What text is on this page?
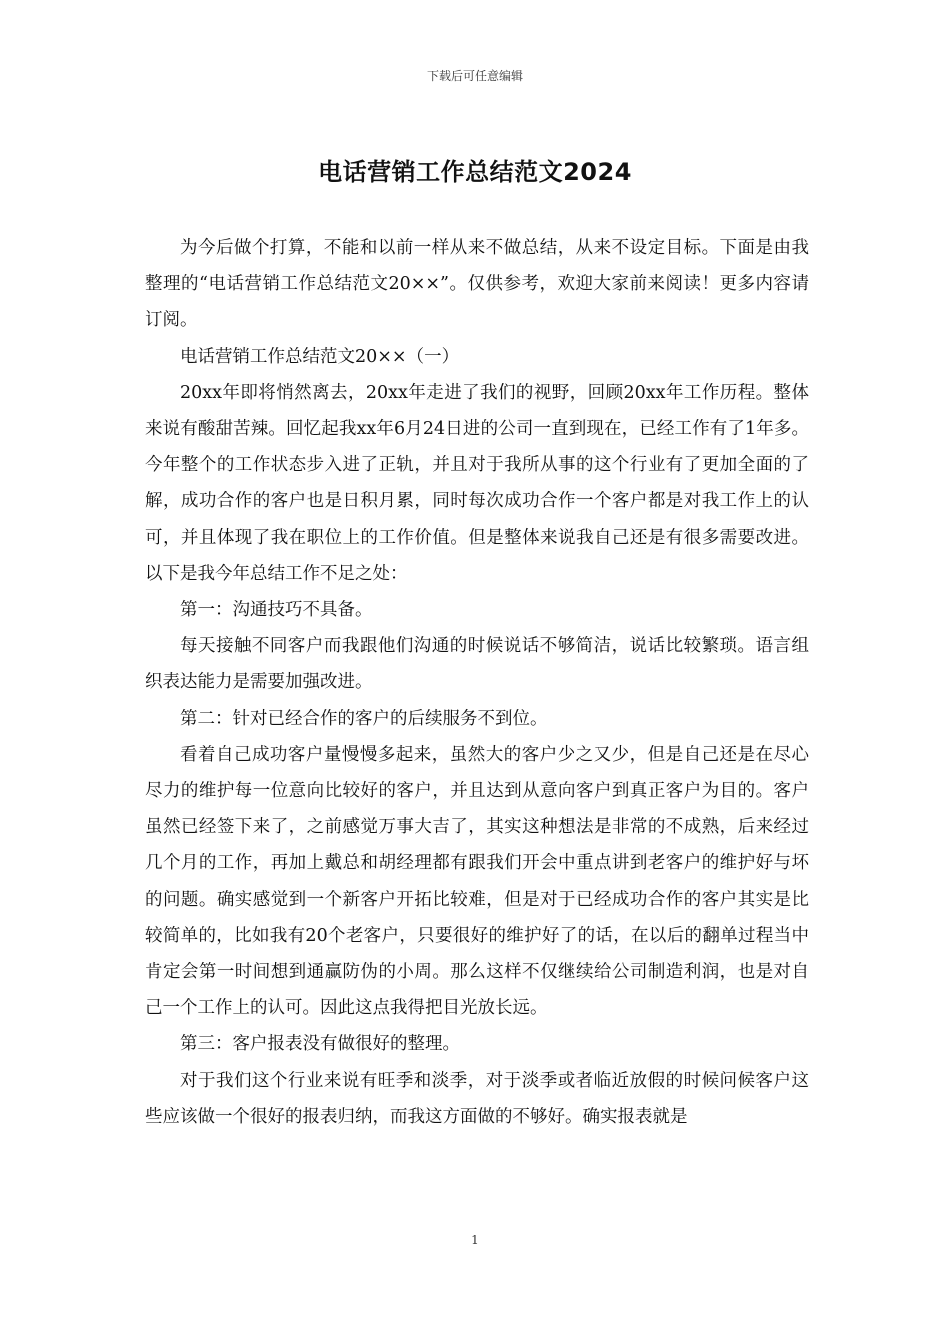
下载后可任意编辑
电话营销工作总结范文2024

为今后做个打算，不能和以前一样从来不做总结，从来不设定目标。下面是由我整理的“电话营销工作总结范文20××”。仅供参考，欢迎大家前来阅读！更多内容请订阅。

电话营销工作总结范文20××（一）

20xx年即将悄然离去，20xx年走进了我们的视野，回顾20xx年工作历程。整体来说有酸甜苦辣。回忆起我xx年6月24日进的公司一直到现在，已经工作有了1年多。今年整个的工作状态步入进了正轨，并且对于我所从事的这个行业有了更加全面的了解，成功合作的客户也是日积月累，同时每次成功合作一个客户都是对我工作上的认可，并且体现了我在职位上的工作价值。但是整体来说我自己还是有很多需要改进。以下是我今年总结工作不足之处：

第一：沟通技巧不具备。

每天接触不同客户而我跟他们沟通的时候说话不够简洁，说话比较繁琐。语言组织表达能力是需要加强改进。

第二：针对已经合作的客户的后续服务不到位。

看着自己成功客户量慢慢多起来，虽然大的客户少之又少，但是自己还是在尽心尽力的维护每一位意向比较好的客户，并且达到从意向客户到真正客户为目的。客户虽然已经签下来了，之前感觉万事大吉了，其实这种想法是非常的不成熟，后来经过几个月的工作，再加上戴总和胡经理都有跟我们开会中重点讲到老客户的维护好与坏的问题。确实感觉到一个新客户开拓比较难，但是对于已经成功合作的客户其实是比较简单的，比如我有20个老客户，只要很好的维护好了的话，在以后的翻单过程当中肯定会第一时间想到通赢防伪的小周。那么这样不仅继续给公司制造利润，也是对自己一个工作上的认可。因此这点我得把目光放长远。

第三：客户报表没有做很好的整理。

对于我们这个行业来说有旺季和淡季，对于淡季或者临近放假的时候问候客户这些应该做一个很好的报表归纳，而我这方面做的不够好。确实报表就是

1
